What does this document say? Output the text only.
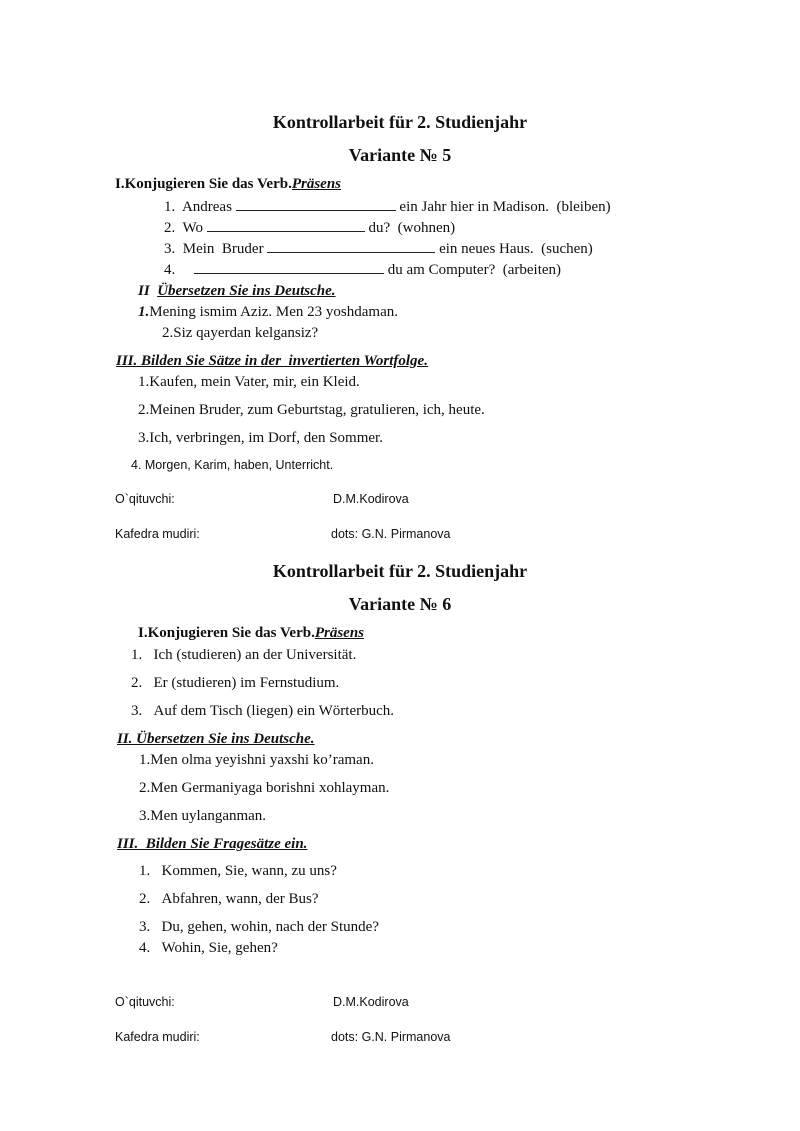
Kontrollarbeit für 2. Studienjahr
Variante № 5
I.Konjugieren Sie das Verb.Präsens
1. Andreas	ein Jahr hier in Madison.  (bleiben)
2. Wo	du?  (wohnen)
3. Mein  Bruder	ein neues Haus.  (suchen)
4.	du am Computer?  (arbeiten)
II Übersetzen Sie ins Deutsche.
1.Mening ismim Aziz. Men 23 yoshdaman.
2.Siz qayerdan kelgansiz?
III. Bilden Sie Sätze in der  invertierten Wortfolge.
1.Kaufen, mein Vater, mir, ein Kleid.
2.Meinen Bruder, zum Geburtstag, gratulieren, ich, heute.
3.Ich, verbringen, im Dorf, den Sommer.
4. Morgen, Karim, haben, Unterricht.
O`qituvchi:	D.M.Kodirova
Kafedra mudiri:	dots: G.N. Pirmanova
Kontrollarbeit für 2. Studienjahr
Variante № 6
I.Konjugieren Sie das Verb.Präsens
1. Ich (studieren) an der Universität.
2. Er (studieren) im Fernstudium.
3. Auf dem Tisch (liegen) ein Wörterbuch.
II. Übersetzen Sie ins Deutsche.
1.Men olma yeyishni yaxshi ko’raman.
2.Men Germaniyaga borishni xohlayman.
3.Men uylanganman.
III.  Bilden Sie Fragesätze ein.
1. Kommen, Sie, wann, zu uns?
2. Abfahren, wann, der Bus?
3. Du, gehen, wohin, nach der Stunde?
4. Wohin, Sie, gehen?
O`qituvchi:	D.M.Kodirova
Kafedra mudiri:	dots: G.N. Pirmanova
